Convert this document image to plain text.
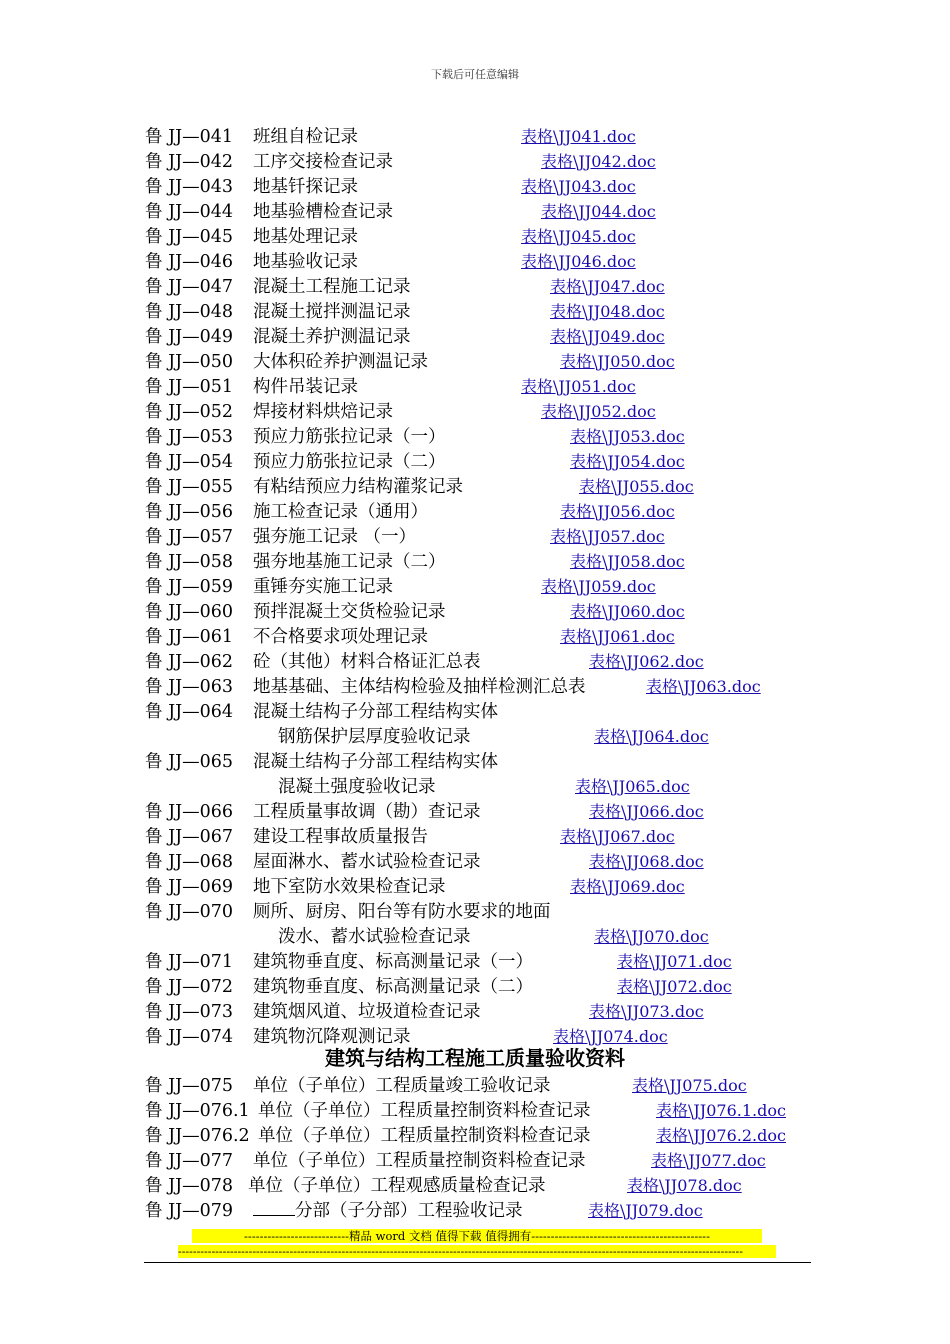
下载后可任意编辑
鲁 JJ—041 班组自检记录	表格\JJ041.doc
鲁 JJ—042 工序交接检查记录	表格\JJ042.doc
鲁 JJ—043 地基钎探记录	表格\JJ043.doc
鲁 JJ—044 地基验槽检查记录	表格\JJ044.doc
鲁 JJ—045 地基处理记录	表格\JJ045.doc
鲁 JJ—046 地基验收记录	表格\JJ046.doc
鲁 JJ—047 混凝土工程施工记录	表格\JJ047.doc
鲁 JJ—048 混凝土搅拌测温记录	表格\JJ048.doc
鲁 JJ—049 混凝土养护测温记录	表格\JJ049.doc
鲁 JJ—050 大体积砼养护测温记录	表格\JJ050.doc
鲁 JJ—051 构件吊装记录	表格\JJ051.doc
鲁 JJ—052 焊接材料烘焙记录	表格\JJ052.doc
鲁 JJ—053 预应力筋张拉记录（一）	表格\JJ053.doc
鲁 JJ—054 预应力筋张拉记录（二）	表格\JJ054.doc
鲁 JJ—055 有粘结预应力结构灌浆记录	表格\JJ055.doc
鲁 JJ—056 施工检查记录（通用）	表格\JJ056.doc
鲁 JJ—057 强夯施工记录 （一）	表格\JJ057.doc
鲁 JJ—058 强夯地基施工记录（二）	表格\JJ058.doc
鲁 JJ—059 重锤夯实施工记录	表格\JJ059.doc
鲁 JJ—060 预拌混凝土交货检验记录	表格\JJ060.doc
鲁 JJ—061 不合格要求项处理记录	表格\JJ061.doc
鲁 JJ—062 砼（其他）材料合格证汇总表	表格\JJ062.doc
鲁 JJ—063 地基基础、主体结构检验及抽样检测汇总表	表格\JJ063.doc
鲁 JJ—064 混凝土结构子分部工程结构实体
钢筋保护层厚度验收记录	表格\JJ064.doc
鲁 JJ—065 混凝土结构子分部工程结构实体
混凝土强度验收记录	表格\JJ065.doc
鲁 JJ—066 工程质量事故调（勘）查记录	表格\JJ066.doc
鲁 JJ—067 建设工程事故质量报告	表格\JJ067.doc
鲁 JJ—068 屋面淋水、蓄水试验检查记录	表格\JJ068.doc
鲁 JJ—069 地下室防水效果检查记录	表格\JJ069.doc
鲁 JJ—070 厕所、厨房、阳台等有防水要求的地面
泼水、蓄水试验检查记录	表格\JJ070.doc
鲁 JJ—071 建筑物垂直度、标高测量记录（一）	表格\JJ071.doc
鲁 JJ—072 建筑物垂直度、标高测量记录（二）	表格\JJ072.doc
鲁 JJ—073 建筑烟风道、垃圾道检查记录	表格\JJ073.doc
鲁 JJ—074 建筑物沉降观测记录	表格\JJ074.doc
建筑与结构工程施工质量验收资料
鲁 JJ—075 单位（子单位）工程质量竣工验收记录	表格\JJ075.doc
鲁 JJ—076.1 单位（子单位）工程质量控制资料检查记录	表格\JJ076.1.doc
鲁 JJ—076.2 单位（子单位）工程质量控制资料检查记录	表格\JJ076.2.doc
鲁 JJ—077 单位（子单位）工程质量控制资料检查记录	表格\JJ077.doc
鲁 JJ—078 单位（子单位）工程观感质量检查记录	表格\JJ078.doc
鲁 JJ—079	分部（子分部）工程验收记录	表格\JJ079.doc
---------------------------精品 word 文档 值得下载 值得拥有----------------------------------------------
--------------------------------------------------------------------------------------------------------------------------------------------------------
